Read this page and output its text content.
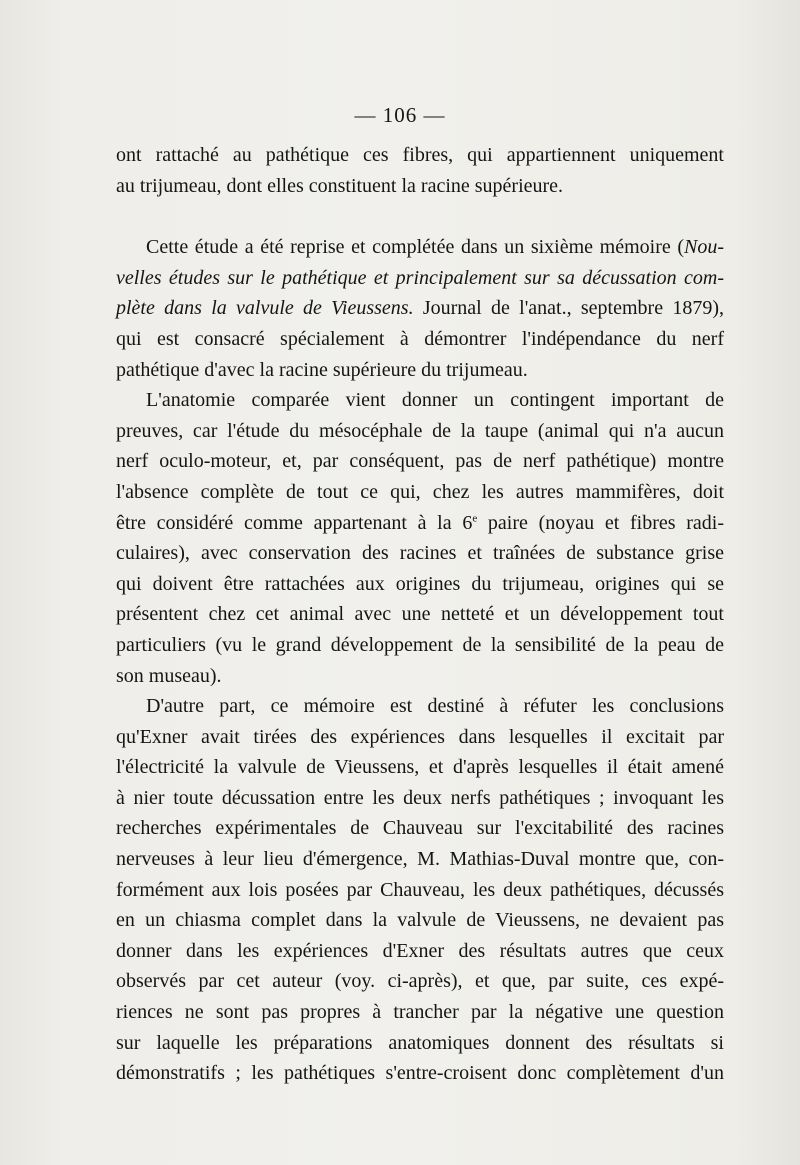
— 106 —
ont rattaché au pathétique ces fibres, qui appartiennent uniquement
au trijumeau, dont elles constituent la racine supérieure.
Cette étude a été reprise et complétée dans un sixième mémoire (Nou-
velles études sur le pathétique et principalement sur sa décussation com-
plète dans la valvule de Vieussens. Journal de l'anat., septembre 1879),
qui est consacré spécialement à démontrer l'indépendance du nerf
pathétique d'avec la racine supérieure du trijumeau.
L'anatomie comparée vient donner un contingent important de
preuves, car l'étude du mésocéphale de la taupe (animal qui n'a aucun
nerf oculo-moteur, et, par conséquent, pas de nerf pathétique) montre
l'absence complète de tout ce qui, chez les autres mammifères, doit
être considéré comme appartenant à la 6e paire (noyau et fibres radi-
culaires), avec conservation des racines et traînées de substance grise
qui doivent être rattachées aux origines du trijumeau, origines qui se
présentent chez cet animal avec une netteté et un développement tout
particuliers (vu le grand développement de la sensibilité de la peau de
son museau).
D'autre part, ce mémoire est destiné à réfuter les conclusions
qu'Exner avait tirées des expériences dans lesquelles il excitait par
l'électricité la valvule de Vieussens, et d'après lesquelles il était amené
à nier toute décussation entre les deux nerfs pathétiques ; invoquant les
recherches expérimentales de Chauveau sur l'excitabilité des racines
nerveuses à leur lieu d'émergence, M. Mathias-Duval montre que, con-
formément aux lois posées par Chauveau, les deux pathétiques, décussés
en un chiasma complet dans la valvule de Vieussens, ne devaient pas
donner dans les expériences d'Exner des résultats autres que ceux
observés par cet auteur (voy. ci-après), et que, par suite, ces expé-
riences ne sont pas propres à trancher par la négative une question
sur laquelle les préparations anatomiques donnent des résultats si
démonstratifs ; les pathétiques s'entre-croisent donc complètement d'un
